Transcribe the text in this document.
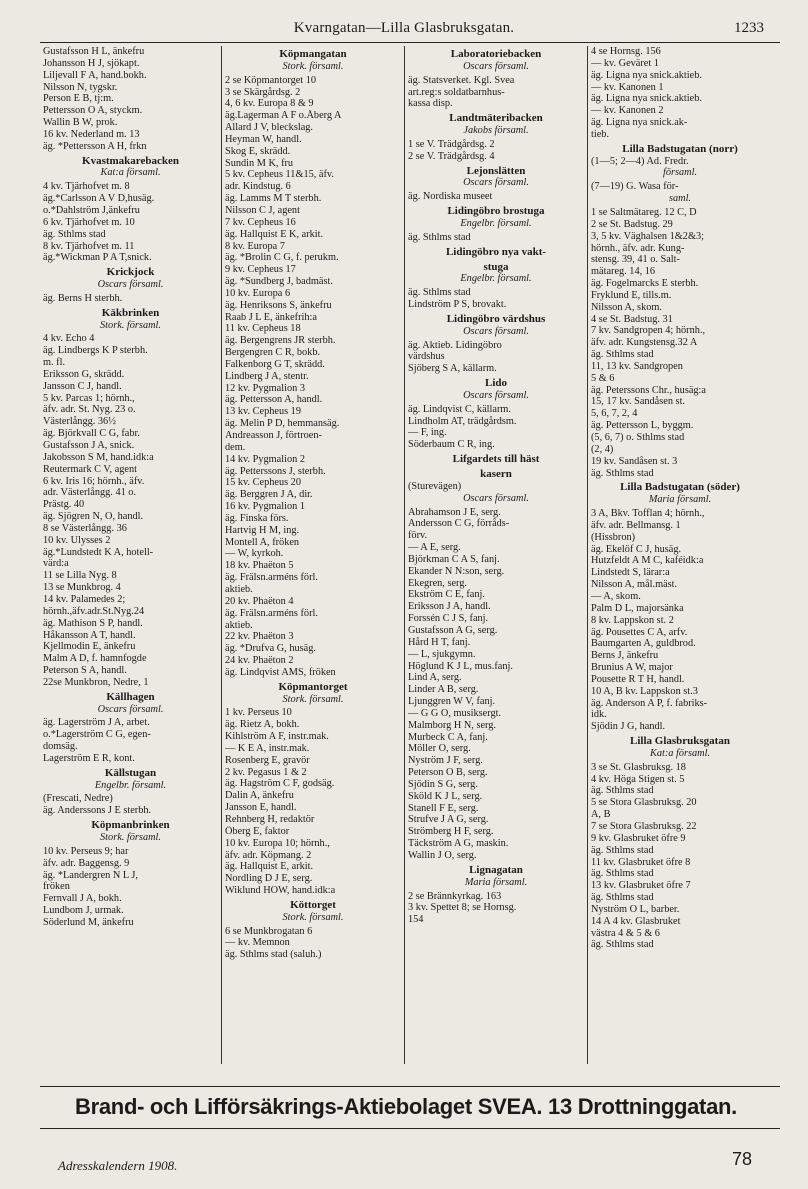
Kvarngatan—Lilla Glasbruksgatan.	1233
Gustafsson H L, änkefru
Johansson H J, sjökapt.
Liljevall F A, hand.bokh.
Nilsson N, tygskr.
Person E B, tj:m.
Pettersson O A, styckm.
Wallin B W, prok.
16 kv. Nederland m. 13
äg. *Pettersson A H, frkn
Kvastmakarebacken
Kat:a församl.
4 kv. Tjärhofvet m. 8
äg.*Carlsson A V D,husäg.
o.*Dahlström J,änkefru
6 kv. Tjärhofvet m. 10
äg. Sthlms stad
8 kv. Tjärhofvet m. 11
äg.*Wickman P A T,snick.
Krickjock
Oscars församl.
äg. Berns H sterbh.
Käkbrinken
Stork. församl.
4 kv. Echo 4
äg. Lindbergs K P sterbh.
m. fl.
Eriksson G, skrädd.
Jansson C J, handl.
5 kv. Parcas 1; hörnh.,
äfv. adr. St. Nyg. 23 o.
Västerlångg. 36½
äg. Björkvall C G, fabr.
Gustafsson J A, snick.
Jakobsson S M, hand.idk:a
Reutermark C V, agent
6 kv. Iris 16; hörnh., äfv.
adr. Västerlångg. 41 o.
Prästg. 40
äg. Sjögren N, O, handl.
8 se Västerlångg. 36
10 kv. Ulysses 2
äg.*Lundstedt K A, hotell-
värd:a
11 se Lilla Nyg. 8
13 se Munkbrog. 4
14 kv. Palamedes 2;
hörnh.,äfv.adr.St.Nyg.24
äg. Mathison S P, handl.
Håkansson A T, handl.
Kjellmodin E, änkefru
Malm A D, f. hamnfogde
Peterson S A, handl.
22se Munkbron, Nedre, 1
Källhagen
Oscars församl.
äg. Lagerström J A, arbet.
o.*Lagerström C G, egen-
domsäg.
Lagerström E R, kont.
Källstugan
Engelbr. församl.
(Frescati, Nedre)
äg. Anderssons J E sterbh.
Köpmanbrinken
Stork. församl.
10 kv. Perseus 9; har
äfv. adr. Baggensg. 9
äg. *Landergren N L J,
fröken
Fernvall J A, bokh.
Lundbom J, urmak.
Söderlund M, änkefru
Köpmangatan
Stork. församl.
2 se Köpmantorget 10
3 se Skärgårdsg. 2
4, 6 kv. Europa 8 & 9
äg.Lagerman A F o.Åberg A
Allard J V, bleckslag.
Heyman W, handl.
Skog E, skrädd.
Sundin M K, fru
5 kv. Cepheus 11&15, äfv.
adr. Kindstug. 6
äg. Lamms M T sterbh.
Nilsson C J, agent
7 kv. Cepheus 16
äg. Hallquist E K, arkit.
8 kv. Europa 7
äg. *Brolin C G, f. perukm.
9 kv. Cepheus 17
äg. *Sundberg J, badmäst.
10 kv. Europa 6
äg. Henriksons S, änkefru
Raab J L E, änkefrih:a
11 kv. Cepheus 18
äg. Bergengrens JR sterbh.
Bergengren C R, bokb.
Falkenborg G T, skrädd.
Lindberg J A, stentr.
12 kv. Pygmalion 3
äg. Pettersson A, handl.
13 kv. Cepheus 19
äg. Melin P D, hemmansäg.
Andreasson J, förtroen-
dem.
14 kv. Pygmalion 2
äg. Petterssons J, sterbh.
15 kv. Cepheus 20
äg. Berggren J A, dir.
16 kv. Pygmalion 1
äg. Finska förs.
Hartvig H M, ing.
Montell A, fröken
— W, kyrkoh.
18 kv. Phaëton 5
äg. Frälsn.arméns förl.
aktieb.
20 kv. Phaëton 4
äg. Frälsn.arméns förl.
aktieb.
22 kv. Phaëton 3
äg. *Drufva G, husäg.
24 kv. Phaëton 2
äg. Lindqvist AMS, fröken
Köpmantorget
Stork. församl.
1 kv. Perseus 10
äg. Rietz A, bokh.
Kihlström A F, instr.mak.
— K E A, instr.mak.
Rosenberg E, gravör
2 kv. Pegasus 1 & 2
äg. Hagström C F, godsäg.
Dalin A, änkefru
Jansson E, handl.
Rehnberg H, redaktör
Öberg E, faktor
10 kv. Europa 10; hörnh.,
äfv. adr. Köpmang. 2
äg. Hallquist E, arkit.
Nordling D J E, serg.
Wiklund HOW, hand.idk:a
Köttorget
Stork. församl.
6 se Munkbrogatan 6
— kv. Memnon
äg. Sthlms stad (saluh.)
Laboratoriebacken
Oscars församl.
äg. Statsverket. Kgl. Svea
art.reg:s soldatbarnhus-
kassa disp.
Landtmäteribacken
Jakobs församl.
1 se V. Trädgårdsg. 2
2 se V. Trädgårdsg. 4
Lejonslätten
Oscars församl.
äg. Nordiska museet
Lidingöbro brostuga
Engelbr. församl.
äg. Sthlms stad
Lidingöbro nya vakt-
stuga
Engelbr. församl.
äg. Sthlms stad
Lindström P S, brovakt.
Lidingöbro värdshus
Oscars församl.
äg. Aktieb. Lidingöbro
värdshus
Sjöberg S A, källarm.
Lido
Oscars församl.
äg. Lindqvist C, källarm.
Lindholm AT, trädgårdsm.
— F, ing.
Söderbaum C R, ing.
Lifgardets till häst
kasern
(Sturevägen)
Oscars församl.
Abrahamson J E, serg.
Andersson C G, förråds-
förv.
— A E, serg.
Björkman C A S, fanj.
Ekander N N:son, serg.
Ekegren, serg.
Ekström C E, fanj.
Eriksson J A, handl.
Forssén C J S, fanj.
Gustafsson A G, serg.
Hård H T, fanj.
— L, sjukgymn.
Höglund K J L, mus.fanj.
Lind A, serg.
Linder A B, serg.
Ljunggren W V, fanj.
— G G O, musiksergt.
Malmborg H N, serg.
Murbeck C A, fanj.
Möller O, serg.
Nyström J F, serg.
Peterson O B, serg.
Sjödin S G, serg.
Sköld K J L, serg.
Stanell F E, serg.
Strufve J A G, serg.
Strömberg H F, serg.
Täckström A G, maskin.
Wallin J O, serg.
Lignagatan
Maria församl.
2 se Brännkyrkag. 163
3 kv. Spettet 8; se Hornsg.
154
4 se Hornsg. 156
— kv. Geväret 1
äg. Ligna nya snick.aktieb.
— kv. Kanonen 1
äg. Ligna nya snick.aktieb.
— kv. Kanonen 2
äg. Ligna nya snick.ak-
tieb.
Lilla Badstugatan (norr)
(1—5; 2—4) Ad. Fredr.
församl.
(7—19) G. Wasa för-
saml.
1 se Saltmätareg. 12 C, D
2 se St. Badstug. 29
3, 5 kv. Väghalsen 1&2&3;
hörnh., äfv. adr. Kung-
stensg. 39, 41 o. Salt-
mätareg. 14, 16
äg. Fogelmarcks E sterbh.
Fryklund E, tills.m.
Nilsson A, skom.
4 se St. Badstug. 31
7 kv. Sandgropen 4; hörnh.,
äfv. adr. Kungstensg.32 A
äg. Sthlms stad
11, 13 kv. Sandgropen
5 & 6
äg. Peterssons Chr., husäg:a
15, 17 kv. Sandåsen st.
5, 6, 7, 2, 4
äg. Pettersson L, byggm.
(5, 6, 7) o. Sthlms stad
(2, 4)
19 kv. Sandåsen st. 3
äg. Sthlms stad
Lilla Badstugatan (söder)
Maria församl.
3 A, Bkv. Tofflan 4; hörnh.,
äfv. adr. Bellmansg. 1
(Hissbron)
äg. Ekelöf C J, husäg.
Hutzfeldt A M C, kaféidk:a
Lindstedt S, lärar:a
Nilsson A, mål.mäst.
— A, skom.
Palm D L, majorsänka
8 kv. Lappskon st. 2
äg. Pousettes C A, arfv.
Baumgarten A, guldbrod.
Berns J, änkefru
Brunius A W, major
Pousette R T H, handl.
10 A, B kv. Lappskon st.3
äg. Anderson A P, f. fabriks-
idk.
Sjödin J G, handl.
Lilla Glasbruksgatan
Kat:a församl.
3 se St. Glasbruksg. 18
4 kv. Höga Stigen st. 5
äg. Sthlms stad
5 se Stora Glasbruksg. 20
A, B
7 se Stora Glasbruksg. 22
9 kv. Glasbruket öfre 9
äg. Sthlms stad
11 kv. Glasbruket öfre 8
äg. Sthlms stad
13 kv. Glasbruket öfre 7
äg. Sthlms stad
Nyström O L, barber.
14 A 4 kv. Glasbruket
västra 4 & 5 & 6
äg. Sthlms stad
Brand- och Lifförsäkrings-Aktiebolaget SVEA. 13 Drottninggatan.
Adresskalendern 1908.	78
